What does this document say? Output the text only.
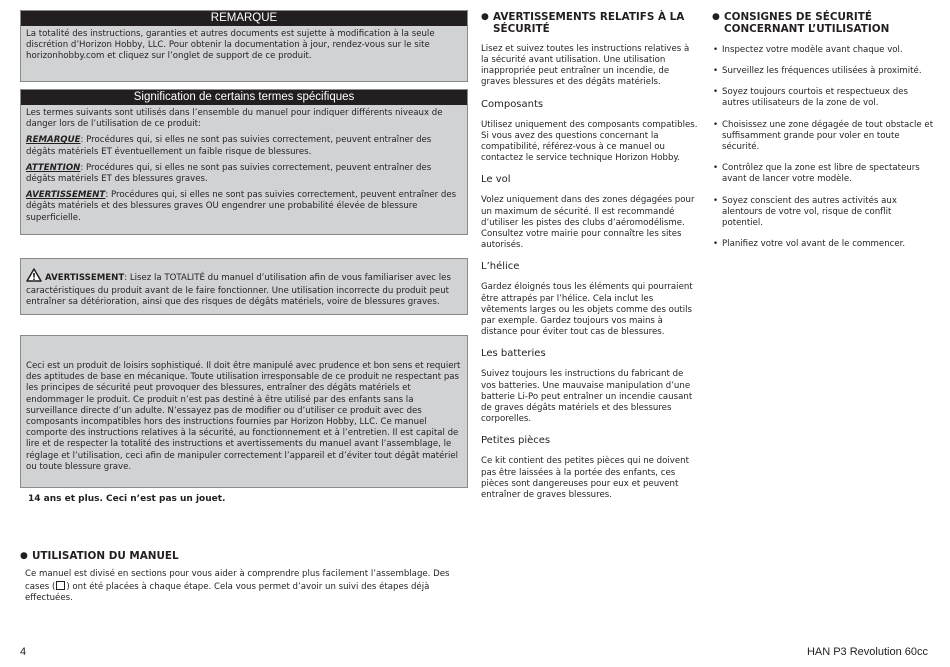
REMARQUE

La totalité des instructions, garanties et autres documents est sujette à modification à la seule discrétion d’Horizon Hobby, LLC. Pour obtenir la documentation à jour, rendez-vous sur le site horizonhobby.com et cliquez sur l’onglet de support de ce produit.

Signification de certains termes spécifiques

Les termes suivants sont utilisés dans l’ensemble du manuel pour indiquer différents niveaux de danger lors de l’utilisation de ce produit:

REMARQUE: Procédures qui, si elles ne sont pas suivies correctement, peuvent entraîner des dégâts matériels ET éventuellement un faible risque de blessures.

ATTENTION: Procédures qui, si elles ne sont pas suivies correctement, peuvent entraîner des dégâts matériels ET des blessures graves.

AVERTISSEMENT: Procédures qui, si elles ne sont pas suivies correctement, peuvent entraîner des dégâts matériels et des blessures graves OU engendrer une probabilité élevée de blessure superficielle.

AVERTISSEMENT: Lisez la TOTALITÉ du manuel d’utilisation afin de vous familiariser avec les caractéristiques du produit avant de le faire fonctionner. Une utilisation incorrecte du produit peut entraîner sa détérioration, ainsi que des risques de dégâts matériels, voire de blessures graves.

Ceci est un produit de loisirs sophistiqué. Il doit être manipulé avec prudence et bon sens et requiert des aptitudes de base en mécanique. Toute utilisation irresponsable de ce produit ne respectant pas les principes de sécurité peut provoquer des blessures, entraîner des dégâts matériels et endommager le produit. Ce produit n’est pas destiné à être utilisé par des enfants sans la surveillance directe d’un adulte. N’essayez pas de modifier ou d’utiliser ce produit avec des composants incompatibles hors des instructions fournies par Horizon Hobby, LLC. Ce manuel comporte des instructions relatives à la sécurité, au fonctionnement et à l’entretien. Il est capital de lire et de respecter la totalité des instructions et avertissements du manuel avant l’assemblage, le réglage et l’utilisation, ceci afin de manipuler correctement l’appareil et d’éviter tout dégât matériel ou toute blessure grave.

14 ans et plus. Ceci n’est pas un jouet.
● UTILISATION DU MANUEL

Ce manuel est divisé en sections pour vous aider à comprendre plus facilement l’assemblage. Des cases ( ) ont été placées à chaque étape. Cela vous permet d’avoir un suivi des étapes déjà effectuées.

● AVERTISSEMENTS RELATIFS À LA SÉCURITÉ

Lisez et suivez toutes les instructions relatives à la sécurité avant utilisation. Une utilisation inappropriée peut entraîner un incendie, de graves blessures et des dégâts matériels.

Composants

Utilisez uniquement des composants compatibles. Si vous avez des questions concernant la compatibilité, référez-vous à ce manuel ou contactez le service technique Horizon Hobby.

Le vol

Volez uniquement dans des zones dégagées pour un maximum de sécurité. Il est recommandé d’utiliser les pistes des clubs d’aéromodélisme. Consultez votre mairie pour connaître les sites autorisés.

L’hélice

Gardez éloignés tous les éléments qui pourraient être attrapés par l’hélice. Cela inclut les vêtements larges ou les objets comme des outils par exemple. Gardez toujours vos mains à distance pour éviter tout cas de blessures.

Les batteries

Suivez toujours les instructions du fabricant de vos batteries. Une mauvaise manipulation d’une batterie Li-Po peut entraîner un incendie causant de graves dégâts matériels et des blessures corporelles.

Petites pièces

Ce kit contient des petites pièces qui ne doivent pas être laissées à la portée des enfants, ces pièces sont dangereuses pour eux et peuvent entraîner de graves blessures.

● CONSIGNES DE SÉCURITÉ CONCERNANT L’UTILISATION
• Inspectez votre modèle avant chaque vol.
• Surveillez les fréquences utilisées à proximité.
• Soyez toujours courtois et respectueux des autres utilisateurs de la zone de vol.
• Choisissez une zone dégagée de tout obstacle et suffisamment grande pour voler en toute sécurité.
• Contrôlez que la zone est libre de spectateurs avant de lancer votre modèle.
• Soyez conscient des autres activités aux alentours de votre vol, risque de conflit potentiel.
• Planifiez votre vol avant de le commencer.
4	HAN P3 Revolution 60cc
